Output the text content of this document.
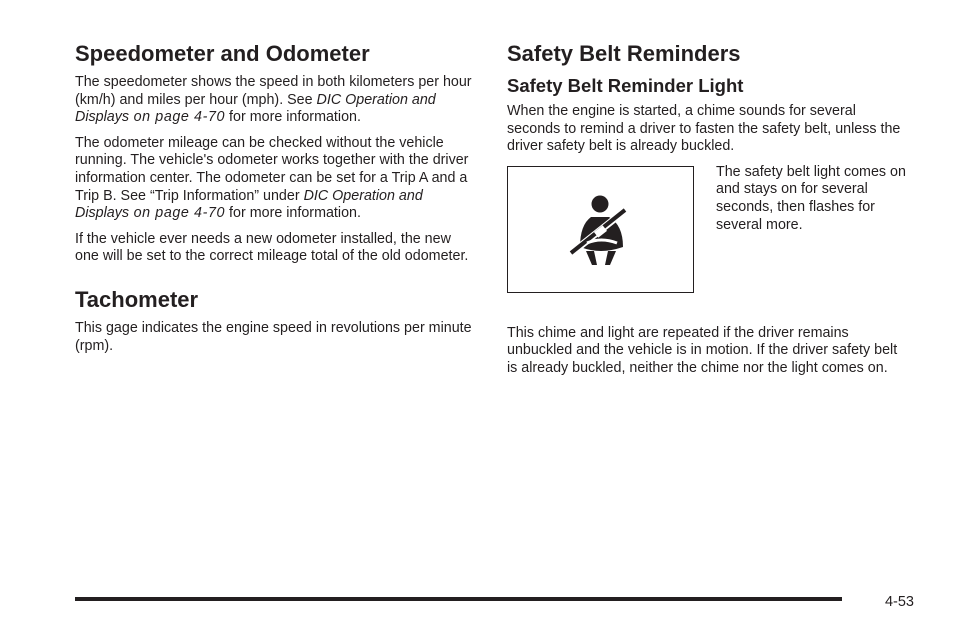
Speedometer and Odometer

The speedometer shows the speed in both kilometers per hour (km/h) and miles per hour (mph). See DIC Operation and Displays on page 4-70 for more information.

The odometer mileage can be checked without the vehicle running. The vehicle's odometer works together with the driver information center. The odometer can be set for a Trip A and a Trip B. See “Trip Information” under DIC Operation and Displays on page 4-70 for more information.

If the vehicle ever needs a new odometer installed, the new one will be set to the correct mileage total of the old odometer.

Tachometer

This gage indicates the engine speed in revolutions per minute (rpm).

Safety Belt Reminders
Safety Belt Reminder Light

When the engine is started, a chime sounds for several seconds to remind a driver to fasten the safety belt, unless the driver safety belt is already buckled.

The safety belt light comes on and stays on for several seconds, then flashes for several more.

This chime and light are repeated if the driver remains unbuckled and the vehicle is in motion. If the driver safety belt is already buckled, neither the chime nor the light comes on.

4-53
